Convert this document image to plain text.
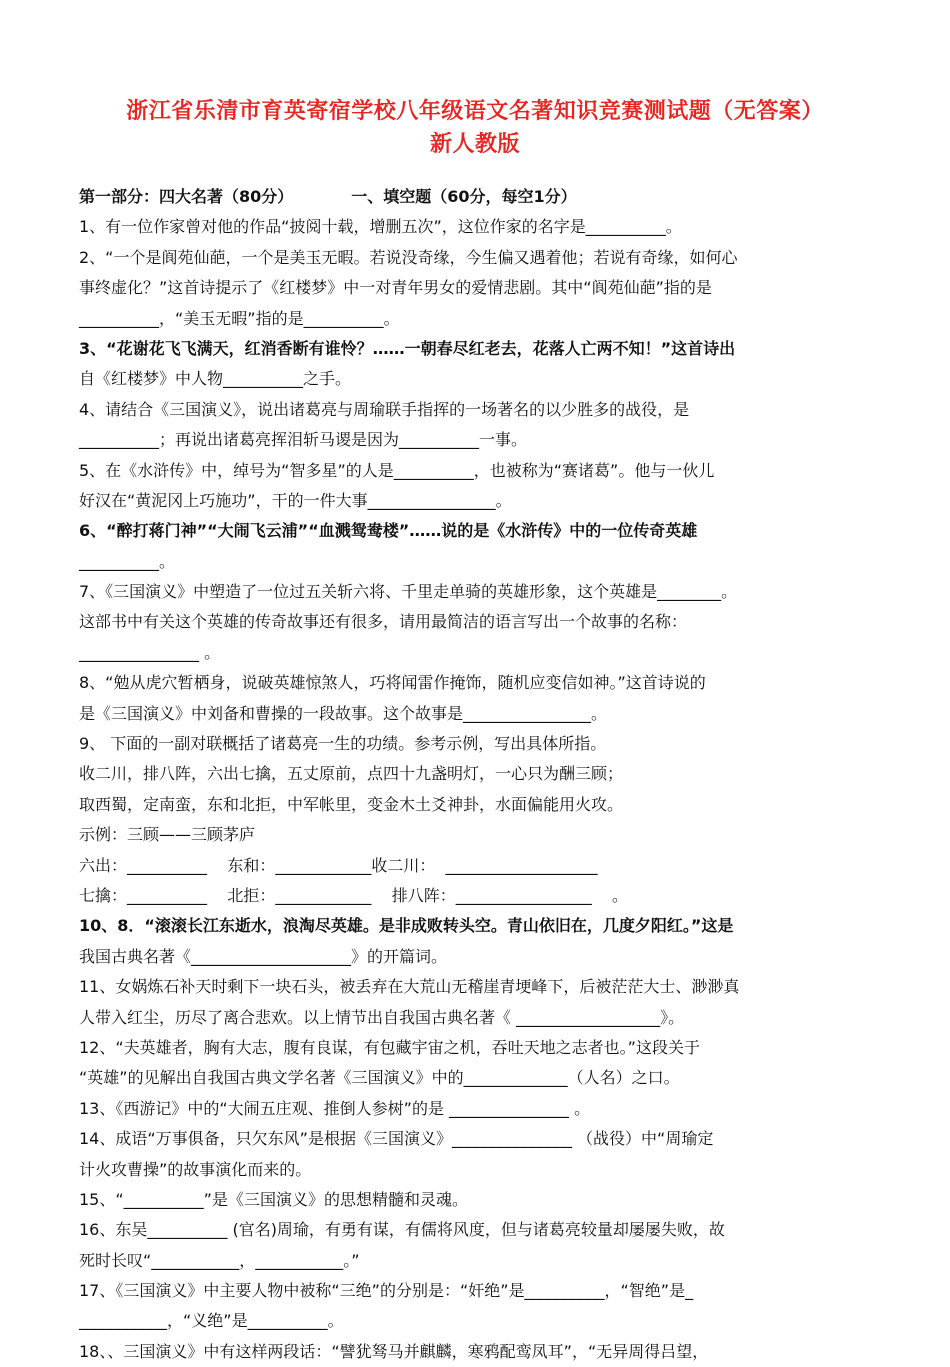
浙江省乐清市育英寄宿学校八年级语文名著知识竞赛测试题（无答案）
新人教版
第一部分：四大名著（80分）	一、填空题（60分，每空1分）
1、有一位作家曾对他的作品“披阅十载，增删五次”，这位作家的名字是__________。
2、“一个是阆苑仙葩，一个是美玉无暇。若说没奇缘，今生偏又遇着他；若说有奇缘，如何心
事终虚化？”这首诗提示了《红楼梦》中一对青年男女的爱情悲剧。其中“阆苑仙葩”指的是
__________，“美玉无暇”指的是__________。
3、“花谢花飞飞满天，红消香断有谁怜？……一朝春尽红老去，花落人亡两不知！”这首诗出
自《红楼梦》中人物__________之手。
4、请结合《三国演义》，说出诸葛亮与周瑜联手指挥的一场著名的以少胜多的战役，是
__________；再说出诸葛亮挥泪斩马谡是因为__________一事。
5、在《水浒传》中，绰号为“智多星”的人是__________，也被称为“赛诸葛”。他与一伙儿
好汉在“黄泥冈上巧施功”，干的一件大事________________。
6、“醉打蒋门神”“大闹飞云浦”“血溅鸳鸯楼”……说的是《水浒传》中的一位传奇英雄
__________。
7、《三国演义》中塑造了一位过五关斩六将、千里走单骑的英雄形象，这个英雄是________。
这部书中有关这个英雄的传奇故事还有很多，请用最简洁的语言写出一个故事的名称：
_______________ 。
8、“勉从虎穴暂栖身，说破英雄惊煞人，巧将闻雷作掩饰，随机应变信如神。”这首诗说的
是《三国演义》中刘备和曹操的一段故事。这个故事是________________。
9、 下面的一副对联概括了诸葛亮一生的功绩。参考示例，写出具体所指。
收二川，排八阵，六出七擒，五丈原前，点四十九盏明灯，一心只为酬三顾；
取西蜀，定南蛮，东和北拒，中军帐里，变金木土爻神卦，水面偏能用火攻。
示例：三顾——三顾茅庐
六出：__________    东和：____________收二川：  ___________________
七擒：__________    北拒：____________    排八阵：_________________    。
10、8．“滚滚长江东逝水，浪淘尽英雄。是非成败转头空。青山依旧在，几度夕阳红。”这是
我国古典名著《____________________》的开篇词。
11、女娲炼石补天时剩下一块石头，被丢弃在大荒山无稽崖青埂峰下，后被茫茫大士、渺渺真
人带入红尘，历尽了离合悲欢。以上情节出自我国古典名著《 __________________》。
12、“夫英雄者，胸有大志，腹有良谋，有包藏宇宙之机，吞吐天地之志者也。”这段关于
“英雄”的见解出自我国古典文学名著《三国演义》中的_____________（人名）之口。
13、《西游记》中的“大闹五庄观、推倒人参树”的是 _______________ 。
14、成语“万事俱备，只欠东风”是根据《三国演义》_______________ （战役）中“周瑜定
计火攻曹操”的故事演化而来的。
15、“__________”是《三国演义》的思想精髓和灵魂。
16、东吴__________ (官名)周瑜，有勇有谋，有儒将风度，但与诸葛亮较量却屡屡失败，故
死时长叹“___________，___________。”
17、《三国演义》中主要人物中被称“三绝”的分别是：“奸绝”是__________，“智绝”是_
___________，“义绝”是__________。
18、、三国演义》中有这样两段话：“譬犹驽马并麒麟，寒鸦配鸾凤耳”，“无异周得吕望，
